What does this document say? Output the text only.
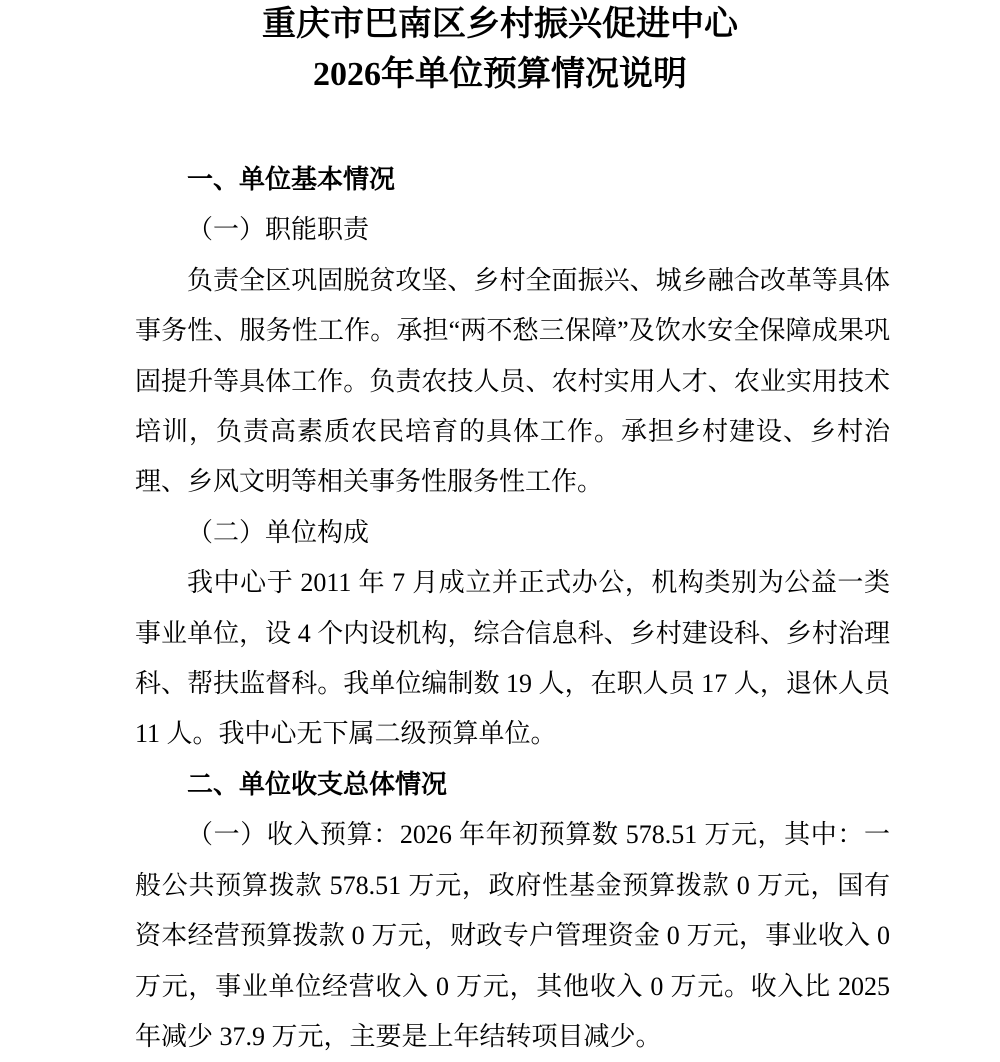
重庆市巴南区乡村振兴促进中心
2026年单位预算情况说明

一、单位基本情况

（一）职能职责

负责全区巩固脱贫攻坚、乡村全面振兴、城乡融合改革等具体事务性、服务性工作。承担“两不愁三保障”及饮水安全保障成果巩固提升等具体工作。负责农技人员、农村实用人才、农业实用技术培训，负责高素质农民培育的具体工作。承担乡村建设、乡村治理、乡风文明等相关事务性服务性工作。

（二）单位构成

我中心于 2011 年 7 月成立并正式办公，机构类别为公益一类事业单位，设 4 个内设机构，综合信息科、乡村建设科、乡村治理科、帮扶监督科。我单位编制数 19 人，在职人员 17 人，退休人员 11 人。我中心无下属二级预算单位。

二、单位收支总体情况

（一）收入预算：2026 年年初预算数 578.51 万元，其中：一般公共预算拨款 578.51 万元，政府性基金预算拨款 0 万元，国有资本经营预算拨款 0 万元，财政专户管理资金 0 万元，事业收入 0 万元，事业单位经营收入 0 万元，其他收入 0 万元。收入比 2025 年减少 37.9 万元，主要是上年结转项目减少。
